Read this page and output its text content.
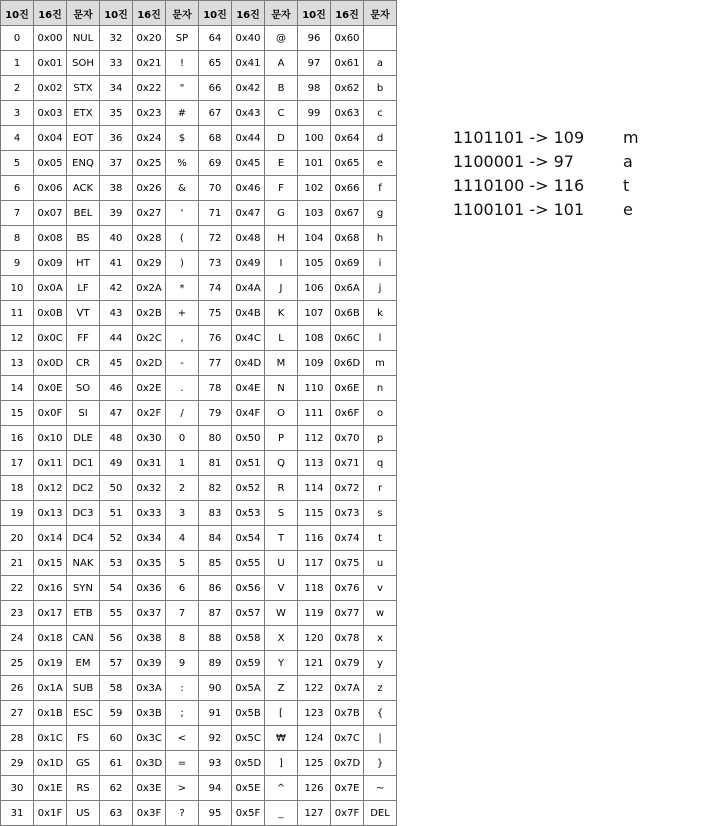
10진	16진	문자	10진	16진	문자	10진	16진	문자	10진	16진	문자
0	0x00	NUL	32	0x20	SP	64	0x40	@	96	0x60	
1	0x01	SOH	33	0x21	!	65	0x41	A	97	0x61	a
2	0x02	STX	34	0x22	"	66	0x42	B	98	0x62	b
3	0x03	ETX	35	0x23	#	67	0x43	C	99	0x63	c
4	0x04	EOT	36	0x24	$	68	0x44	D	100	0x64	d
5	0x05	ENQ	37	0x25	%	69	0x45	E	101	0x65	e
6	0x06	ACK	38	0x26	&	70	0x46	F	102	0x66	f
7	0x07	BEL	39	0x27	'	71	0x47	G	103	0x67	g
8	0x08	BS	40	0x28	(	72	0x48	H	104	0x68	h
9	0x09	HT	41	0x29	)	73	0x49	I	105	0x69	i
10	0x0A	LF	42	0x2A	*	74	0x4A	J	106	0x6A	j
11	0x0B	VT	43	0x2B	+	75	0x4B	K	107	0x6B	k
12	0x0C	FF	44	0x2C	,	76	0x4C	L	108	0x6C	l
13	0x0D	CR	45	0x2D	-	77	0x4D	M	109	0x6D	m
14	0x0E	SO	46	0x2E	.	78	0x4E	N	110	0x6E	n
15	0x0F	SI	47	0x2F	/	79	0x4F	O	111	0x6F	o
16	0x10	DLE	48	0x30	0	80	0x50	P	112	0x70	p
17	0x11	DC1	49	0x31	1	81	0x51	Q	113	0x71	q
18	0x12	DC2	50	0x32	2	82	0x52	R	114	0x72	r
19	0x13	DC3	51	0x33	3	83	0x53	S	115	0x73	s
20	0x14	DC4	52	0x34	4	84	0x54	T	116	0x74	t
21	0x15	NAK	53	0x35	5	85	0x55	U	117	0x75	u
22	0x16	SYN	54	0x36	6	86	0x56	V	118	0x76	v
23	0x17	ETB	55	0x37	7	87	0x57	W	119	0x77	w
24	0x18	CAN	56	0x38	8	88	0x58	X	120	0x78	x
25	0x19	EM	57	0x39	9	89	0x59	Y	121	0x79	y
26	0x1A	SUB	58	0x3A	:	90	0x5A	Z	122	0x7A	z
27	0x1B	ESC	59	0x3B	;	91	0x5B	[	123	0x7B	{
28	0x1C	FS	60	0x3C	<	92	0x5C	₩	124	0x7C	|
29	0x1D	GS	61	0x3D	=	93	0x5D	]	125	0x7D	}
30	0x1E	RS	62	0x3E	>	94	0x5E	^	126	0x7E	~
31	0x1F	US	63	0x3F	?	95	0x5F	_	127	0x7F	DEL
1101101 -> 109 m
1100001 -> 97	a
1110100 -> 116 t
1100101 -> 101 e
